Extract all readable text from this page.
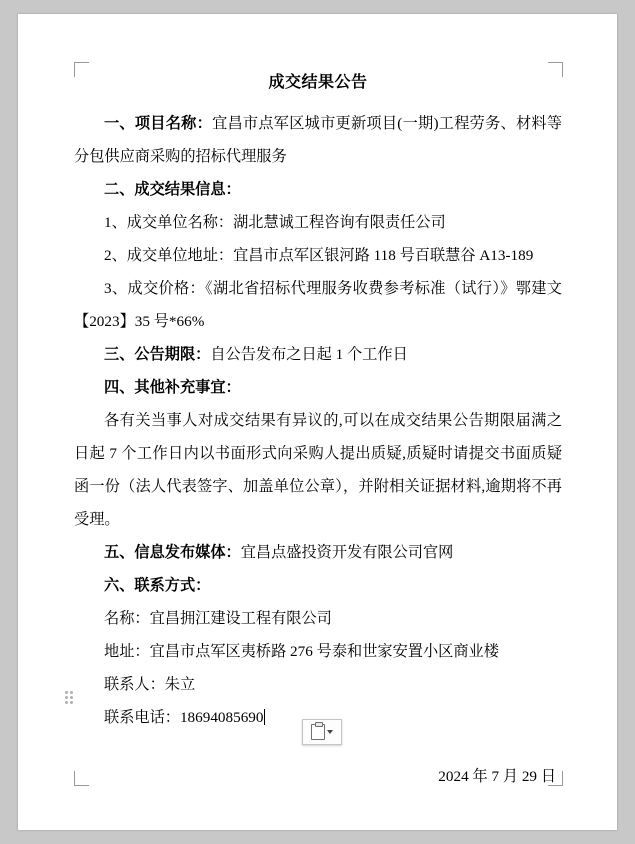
成交结果公告

一、项目名称：宜昌市点军区城市更新项目(一期)工程劳务、材料等分包供应商采购的招标代理服务

二、成交结果信息：

1、成交单位名称：湖北慧诚工程咨询有限责任公司

2、成交单位地址：宜昌市点军区银河路 118 号百联慧谷 A13-189

3、成交价格：《湖北省招标代理服务收费参考标准（试行）》鄂建文【2023】35 号*66%

三、公告期限：自公告发布之日起 1 个工作日

四、其他补充事宜：

各有关当事人对成交结果有异议的,可以在成交结果公告期限届满之日起 7 个工作日内以书面形式向采购人提出质疑,质疑时请提交书面质疑函一份（法人代表签字、加盖单位公章），并附相关证据材料,逾期将不再受理。

五、信息发布媒体：宜昌点盛投资开发有限公司官网

六、联系方式：

名称：宜昌拥江建设工程有限公司

地址：宜昌市点军区夷桥路 276 号泰和世家安置小区商业楼

联系人：朱立

联系电话：18694085690

2024 年 7 月 29 日
